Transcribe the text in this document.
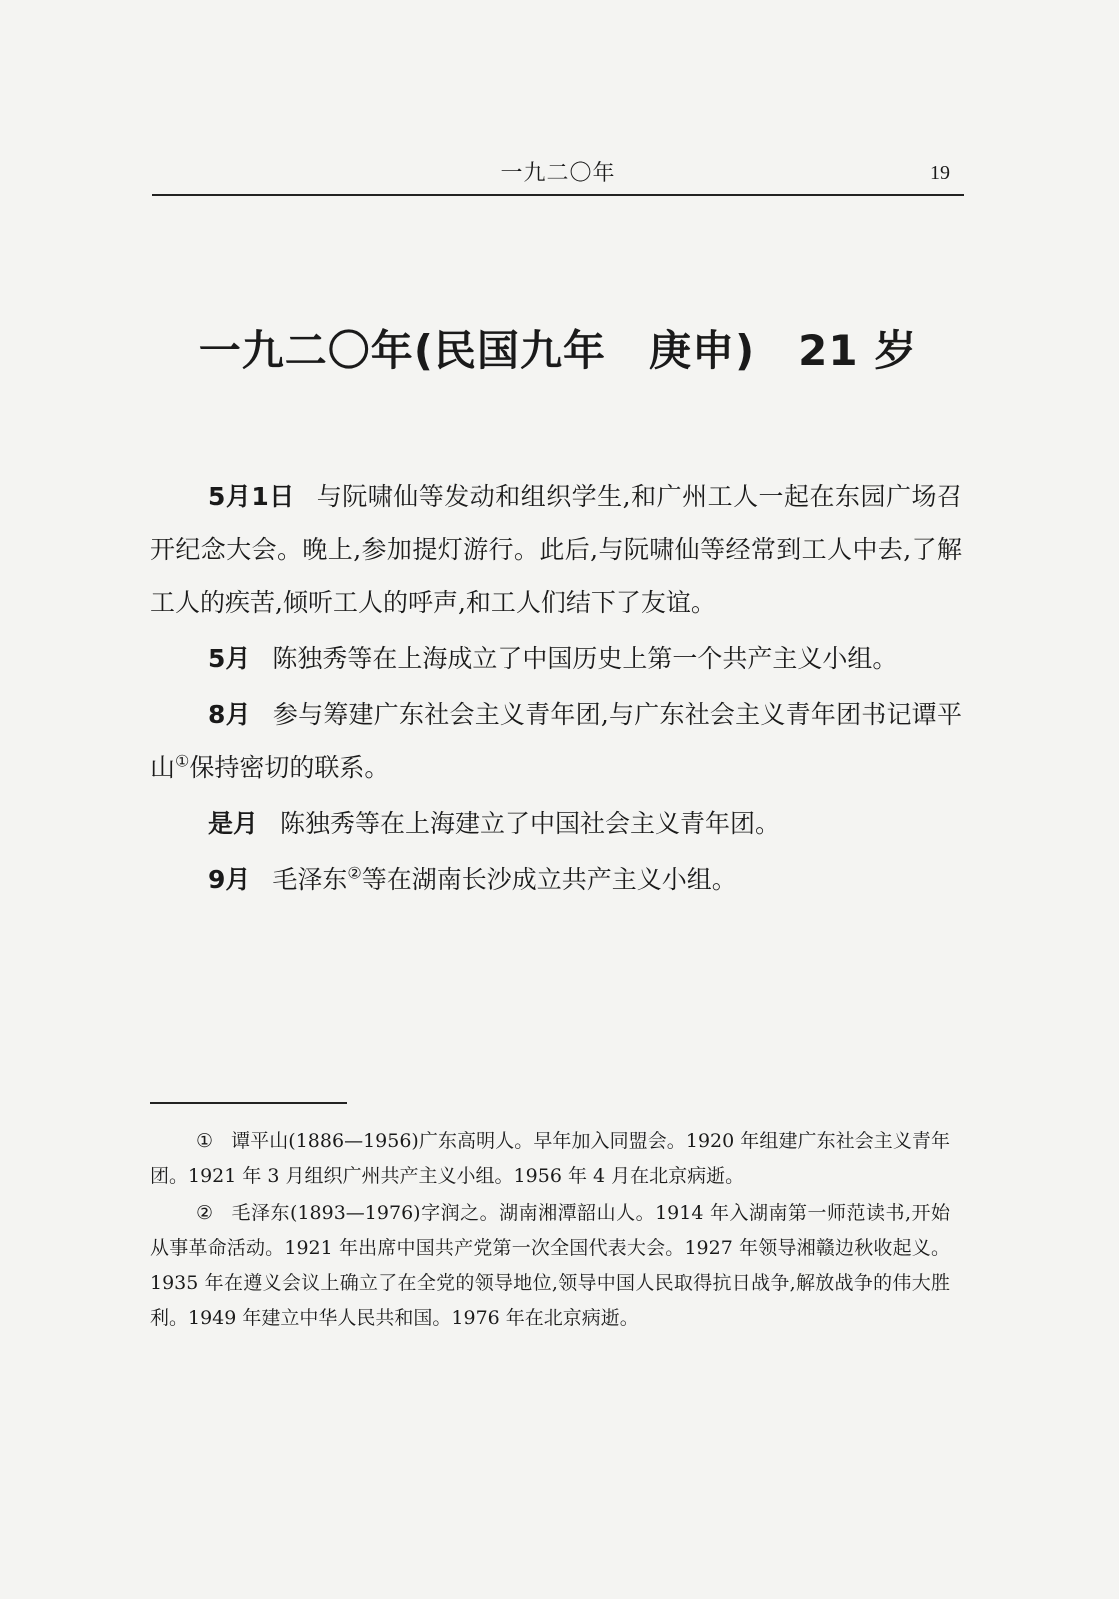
一九二〇年	19
一九二〇年(民国九年　庚申)　21 岁

5月1日 与阮啸仙等发动和组织学生,和广州工人一起在东园广场召开纪念大会。晚上,参加提灯游行。此后,与阮啸仙等经常到工人中去,了解工人的疾苦,倾听工人的呼声,和工人们结下了友谊。

5月 陈独秀等在上海成立了中国历史上第一个共产主义小组。

8月 参与筹建广东社会主义青年团,与广东社会主义青年团书记谭平山①保持密切的联系。

是月 陈独秀等在上海建立了中国社会主义青年团。

9月 毛泽东②等在湖南长沙成立共产主义小组。

① 谭平山(1886—1956)广东高明人。早年加入同盟会。1920 年组建广东社会主义青年团。1921 年 3 月组织广州共产主义小组。1956 年 4 月在北京病逝。

② 毛泽东(1893—1976)字润之。湖南湘潭韶山人。1914 年入湖南第一师范读书,开始从事革命活动。1921 年出席中国共产党第一次全国代表大会。1927 年领导湘赣边秋收起义。1935 年在遵义会议上确立了在全党的领导地位,领导中国人民取得抗日战争,解放战争的伟大胜利。1949 年建立中华人民共和国。1976 年在北京病逝。
